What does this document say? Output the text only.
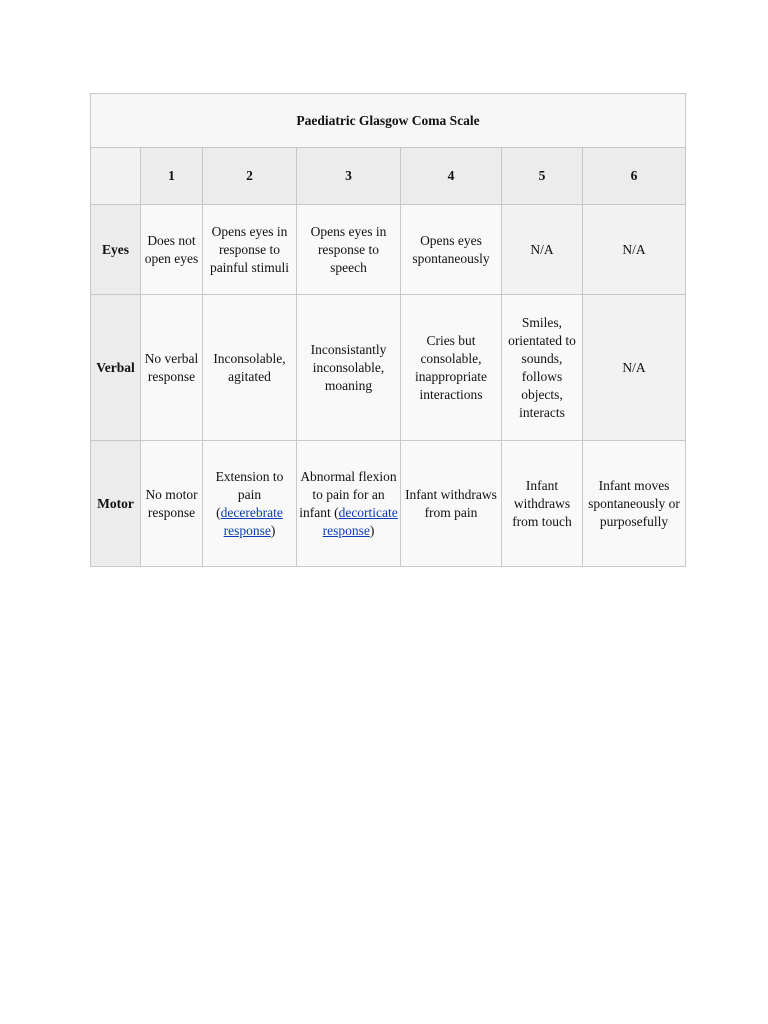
Paediatric Glasgow Coma Scale						
	1	2	3	4	5	6
Eyes	Does not open eyes	Opens eyes in response to painful stimuli	Opens eyes in response to speech	Opens eyes spontaneously	N/A	N/A
Verbal	No verbal response	Inconsolable, agitated	Inconsistantly inconsolable, moaning	Cries but consolable, inappropriate interactions	Smiles, orientated to sounds, follows objects, interacts	N/A
Motor	No motor response	Extension to pain (decerebrate response)	Abnormal flexion to pain for an infant (decorticate response)	Infant withdraws from pain	Infant withdraws from touch	Infant moves spontaneously or purposefully
